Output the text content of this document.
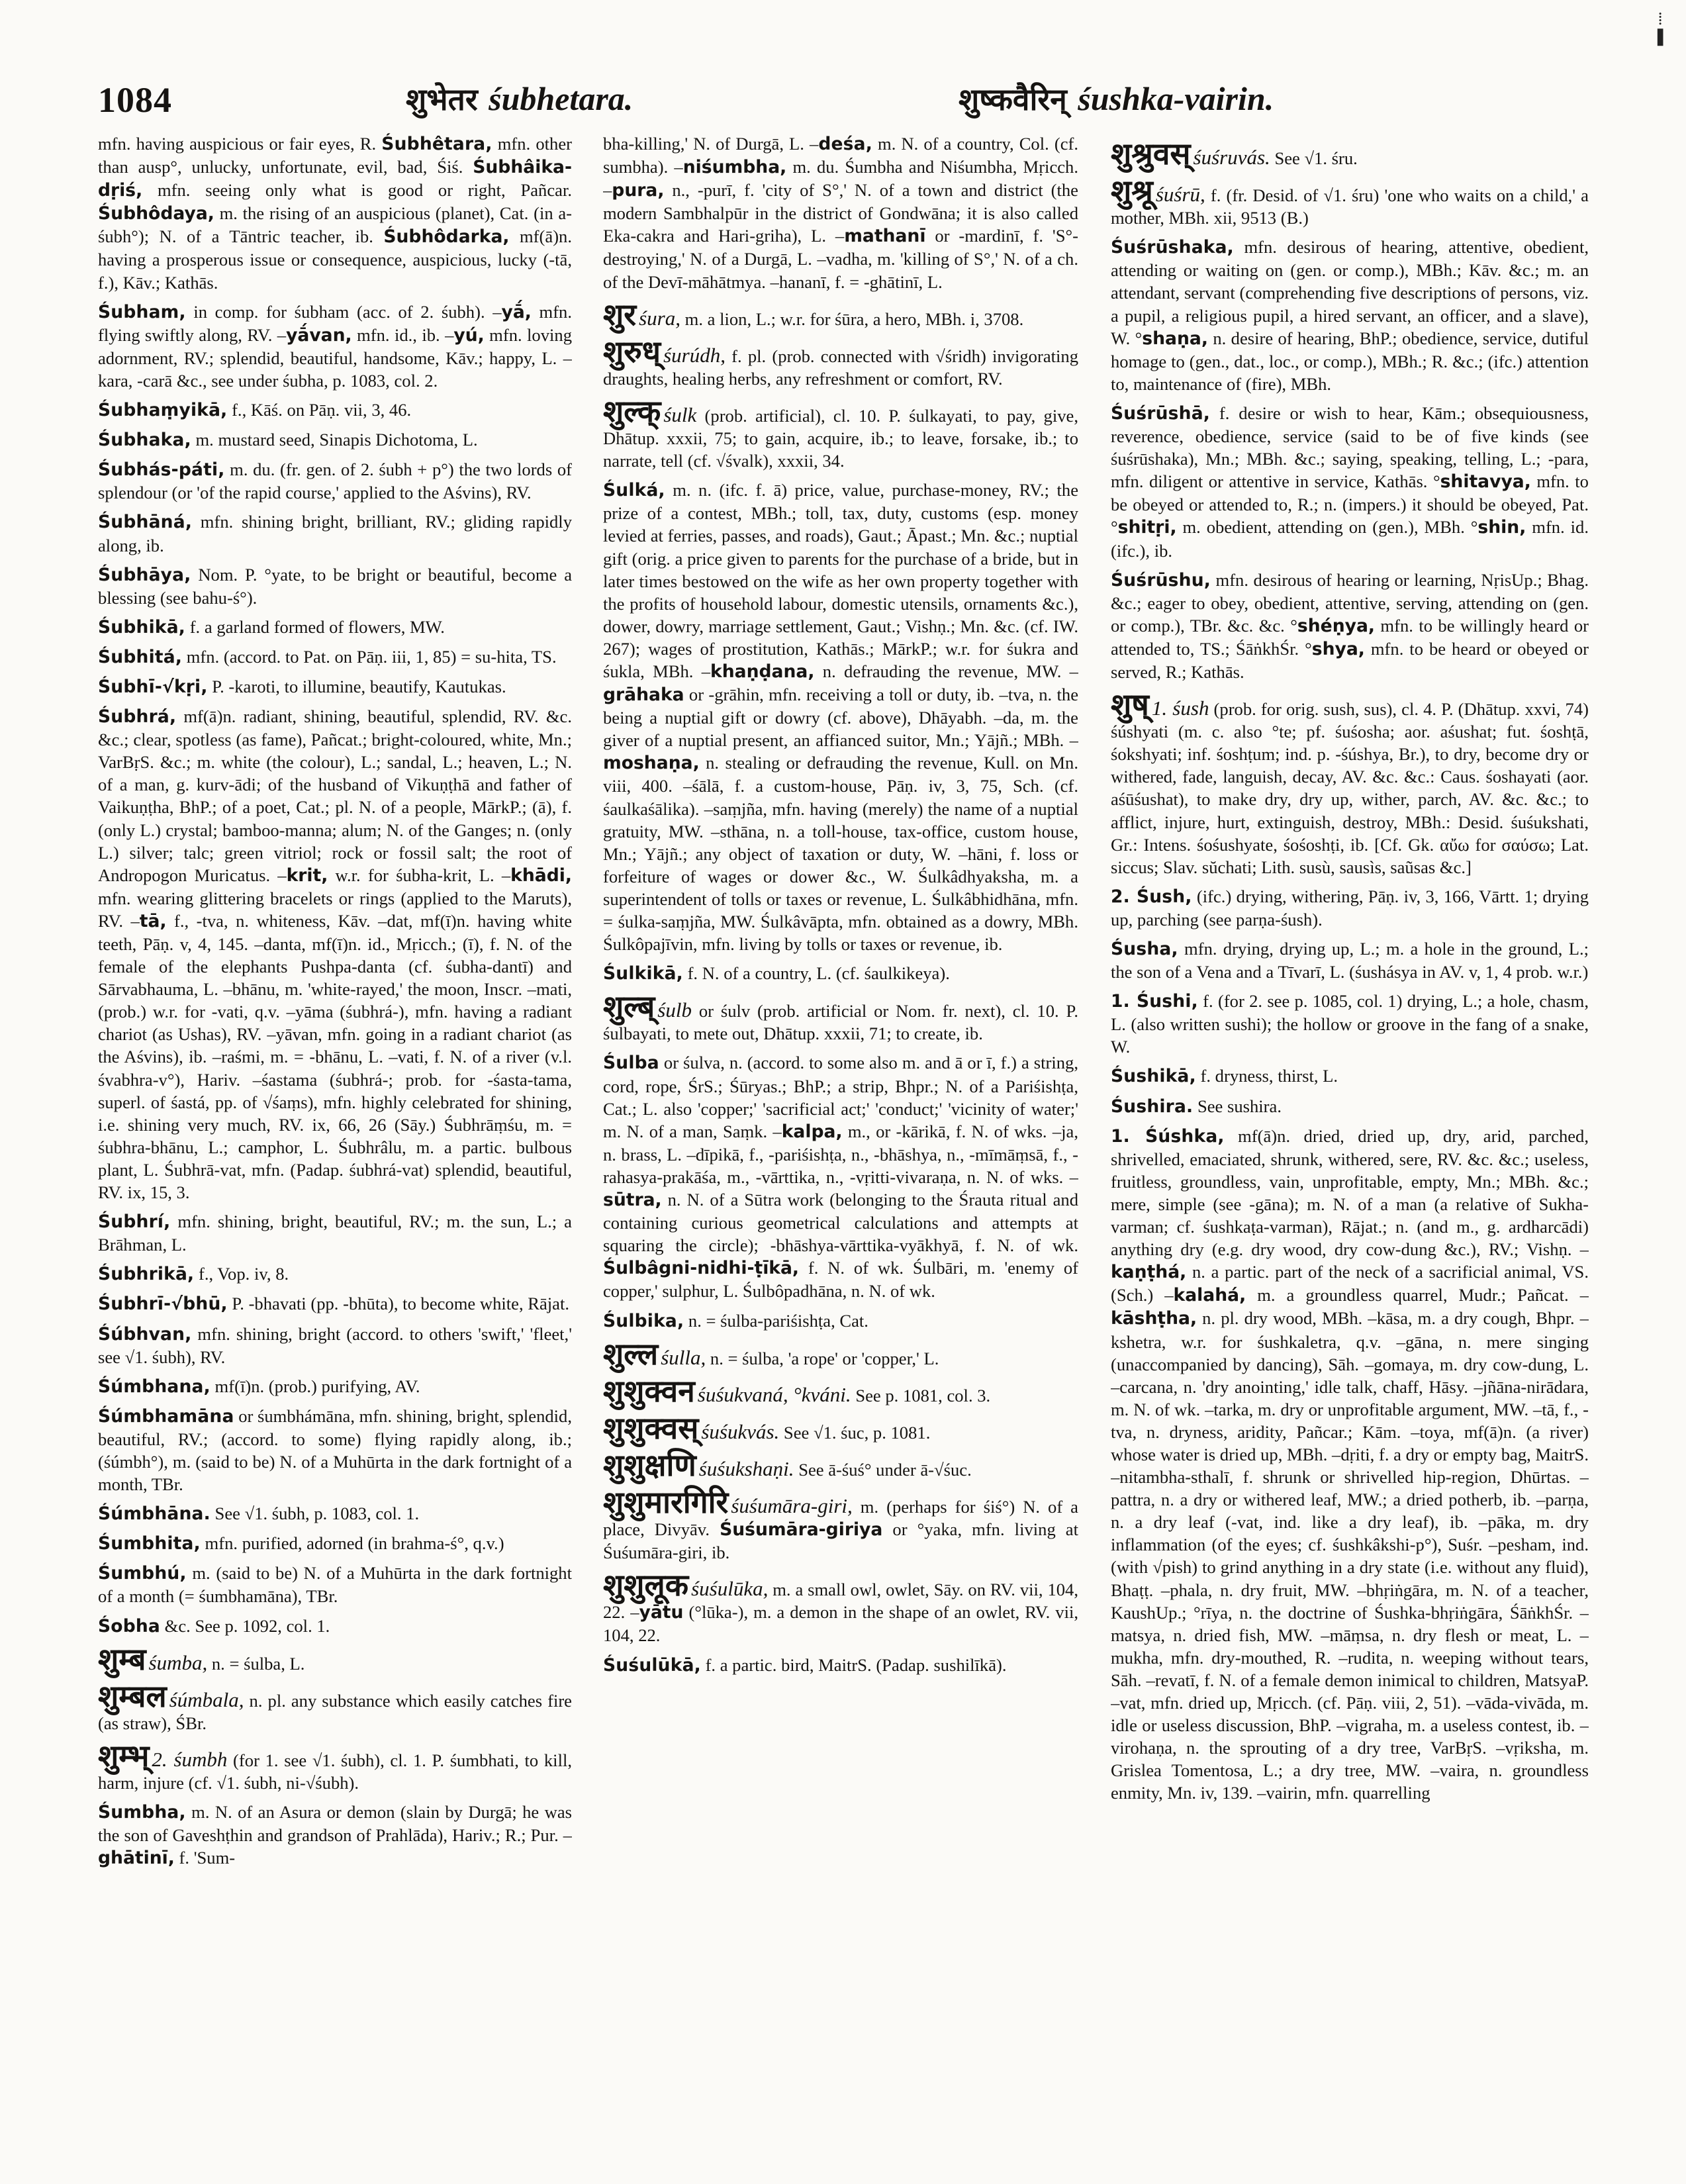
⁞
❚
1084	शुभेतर śubhetara.	शुष्कवैरिन् śushka-vairin.

mfn. having auspicious or fair eyes, R. Śubhêtara, mfn. other than ausp°, unlucky, unfortunate, evil, bad, Śiś. Śubhâika-dṛiś, mfn. seeing only what is good or right, Pañcar. Śubhôdaya, m. the rising of an auspicious (planet), Cat. (in a-śubh°); N. of a Tāntric teacher, ib. Śubhôdarka, mf(ā)n. having a prosperous issue or consequence, auspicious, lucky (-tā, f.), Kāv.; Kathās.

Śubham, in comp. for śubham (acc. of 2. śubh). –yā́, mfn. flying swiftly along, RV. –yā́van, mfn. id., ib. –yú, mfn. loving adornment, RV.; splendid, beautiful, handsome, Kāv.; happy, L. –kara, -carā &c., see under śubha, p. 1083, col. 2.

Śubhaṃyikā, f., Kāś. on Pāṇ. vii, 3, 46.

Śubhaka, m. mustard seed, Sinapis Dichotoma, L.

Śubhás-páti, m. du. (fr. gen. of 2. śubh + p°) the two lords of splendour (or 'of the rapid course,' applied to the Aśvins), RV.

Śubhāná, mfn. shining bright, brilliant, RV.; gliding rapidly along, ib.

Śubhāya, Nom. P. °yate, to be bright or beautiful, become a blessing (see bahu-ś°).

Śubhikā, f. a garland formed of flowers, MW.

Śubhitá, mfn. (accord. to Pat. on Pāṇ. iii, 1, 85) = su-hita, TS.

Śubhī-√kṛi, P. -karoti, to illumine, beautify, Kautukas.

Śubhrá, mf(ā)n. radiant, shining, beautiful, splendid, RV. &c. &c.; clear, spotless (as fame), Pañcat.; bright-coloured, white, Mn.; VarBṛS. &c.; m. white (the colour), L.; sandal, L.; heaven, L.; N. of a man, g. kurv-ādi; of the husband of Vikuṇṭhā and father of Vaikuṇṭha, BhP.; of a poet, Cat.; pl. N. of a people, MārkP.; (ā), f. (only L.) crystal; bamboo-manna; alum; N. of the Ganges; n. (only L.) silver; talc; green vitriol; rock or fossil salt; the root of Andropogon Muricatus. –krit, w.r. for śubha-krit, L. –khādi, mfn. wearing glittering bracelets or rings (applied to the Maruts), RV. –tā, f., -tva, n. whiteness, Kāv. –dat, mf(ī)n. having white teeth, Pāṇ. v, 4, 145. –danta, mf(ī)n. id., Mṛicch.; (ī), f. N. of the female of the elephants Pushpa-danta (cf. śubha-dantī) and Sārvabhauma, L. –bhānu, m. 'white-rayed,' the moon, Inscr. –mati, (prob.) w.r. for -vati, q.v. –yāma (śubhrá-), mfn. having a radiant chariot (as Ushas), RV. –yāvan, mfn. going in a radiant chariot (as the Aśvins), ib. –raśmi, m. = -bhānu, L. –vati, f. N. of a river (v.l. śvabhra-v°), Hariv. –śastama (śubhrá-; prob. for -śasta-tama, superl. of śastá, pp. of √śaṃs), mfn. highly celebrated for shining, i.e. shining very much, RV. ix, 66, 26 (Sāy.) Śubhrāṃśu, m. = śubhra-bhānu, L.; camphor, L. Śubhrâlu, m. a partic. bulbous plant, L. Śubhrā-vat, mfn. (Padap. śubhrá-vat) splendid, beautiful, RV. ix, 15, 3.

Śubhrí, mfn. shining, bright, beautiful, RV.; m. the sun, L.; a Brāhman, L.

Śubhrikā, f., Vop. iv, 8.

Śubhrī-√bhū, P. -bhavati (pp. -bhūta), to become white, Rājat.

Śúbhvan, mfn. shining, bright (accord. to others 'swift,' 'fleet,' see √1. śubh), RV.

Śúmbhana, mf(ī)n. (prob.) purifying, AV.

Śúmbhamāna or śumbhámāna, mfn. shining, bright, splendid, beautiful, RV.; (accord. to some) flying rapidly along, ib.; (śúmbh°), m. (said to be) N. of a Muhūrta in the dark fortnight of a month, TBr.

Śúmbhāna. See √1. śubh, p. 1083, col. 1.

Śumbhita, mfn. purified, adorned (in brahma-ś°, q.v.)

Śumbhú, m. (said to be) N. of a Muhūrta in the dark fortnight of a month (= śumbhamāna), TBr.

Śobha &c. See p. 1092, col. 1.

शुम्ब śumba, n. = śulba, L.

शुम्बल śúmbala, n. pl. any substance which easily catches fire (as straw), ŚBr.

शुम्भ् 2. śumbh (for 1. see √1. śubh), cl. 1. P. śumbhati, to kill, harm, injure (cf. √1. śubh, ni-√śubh).

Śumbha, m. N. of an Asura or demon (slain by Durgā; he was the son of Gaveshṭhin and grandson of Prahlāda), Hariv.; R.; Pur. –ghātinī, f. 'Sum-

bha-killing,' N. of Durgā, L. –deśa, m. N. of a country, Col. (cf. sumbha). –niśumbha, m. du. Śumbha and Niśumbha, Mṛicch. –pura, n., -purī, f. 'city of S°,' N. of a town and district (the modern Sambhalpūr in the district of Gondwāna; it is also called Eka-cakra and Hari-griha), L. –mathanī or -mardinī, f. 'S°-destroying,' N. of a Durgā, L. –vadha, m. 'killing of S°,' N. of a ch. of the Devī-māhātmya. –hananī, f. = -ghātinī, L.

शुर śura, m. a lion, L.; w.r. for śūra, a hero, MBh. i, 3708.

शुरुध् śurúdh, f. pl. (prob. connected with √śridh) invigorating draughts, healing herbs, any refreshment or comfort, RV.

शुल्क् śulk (prob. artificial), cl. 10. P. śulkayati, to pay, give, Dhātup. xxxii, 75; to gain, acquire, ib.; to leave, forsake, ib.; to narrate, tell (cf. √śvalk), xxxii, 34.

Śulká, m. n. (ifc. f. ā) price, value, purchase-money, RV.; the prize of a contest, MBh.; toll, tax, duty, customs (esp. money levied at ferries, passes, and roads), Gaut.; Āpast.; Mn. &c.; nuptial gift (orig. a price given to parents for the purchase of a bride, but in later times bestowed on the wife as her own property together with the profits of household labour, domestic utensils, ornaments &c.), dower, dowry, marriage settlement, Gaut.; Vishṇ.; Mn. &c. (cf. IW. 267); wages of prostitution, Kathās.; MārkP.; w.r. for śukra and śukla, MBh. –khaṇḍana, n. defrauding the revenue, MW. –grāhaka or -grāhin, mfn. receiving a toll or duty, ib. –tva, n. the being a nuptial gift or dowry (cf. above), Dhāyabh. –da, m. the giver of a nuptial present, an affianced suitor, Mn.; Yājñ.; MBh. –moshaṇa, n. stealing or defrauding the revenue, Kull. on Mn. viii, 400. –śālā, f. a custom-house, Pāṇ. iv, 3, 75, Sch. (cf. śaulkaśālika). –saṃjña, mfn. having (merely) the name of a nuptial gratuity, MW. –sthāna, n. a toll-house, tax-office, custom house, Mn.; Yājñ.; any object of taxation or duty, W. –hāni, f. loss or forfeiture of wages or dower &c., W. Śulkâdhyaksha, m. a superintendent of tolls or taxes or revenue, L. Śulkâbhidhāna, mfn. = śulka-saṃjña, MW. Śulkâvāpta, mfn. obtained as a dowry, MBh. Śulkôpajīvin, mfn. living by tolls or taxes or revenue, ib.

Śulkikā, f. N. of a country, L. (cf. śaulkikeya).

शुल्ब् śulb or śulv (prob. artificial or Nom. fr. next), cl. 10. P. śulbayati, to mete out, Dhātup. xxxii, 71; to create, ib.

Śulba or śulva, n. (accord. to some also m. and ā or ī, f.) a string, cord, rope, ŚrS.; Śūryas.; BhP.; a strip, Bhpr.; N. of a Pariśishṭa, Cat.; L. also 'copper;' 'sacrificial act;' 'conduct;' 'vicinity of water;' m. N. of a man, Saṃk. –kalpa, m., or -kārikā, f. N. of wks. –ja, n. brass, L. –dīpikā, f., -pariśishṭa, n., -bhāshya, n., -mīmāṃsā, f., -rahasya-prakāśa, m., -vārttika, n., -vṛitti-vivaraṇa, n. N. of wks. –sūtra, n. N. of a Sūtra work (belonging to the Śrauta ritual and containing curious geometrical calculations and attempts at squaring the circle); -bhāshya-vārttika-vyākhyā, f. N. of wk. Śulbâgni-nidhi-ṭīkā, f. N. of wk. Śulbāri, m. 'enemy of copper,' sulphur, L. Śulbôpadhāna, n. N. of wk.

Śulbika, n. = śulba-pariśishṭa, Cat.

शुल्ल śulla, n. = śulba, 'a rope' or 'copper,' L.

शुशुक्वन śuśukvaná, °kváni. See p. 1081, col. 3.

शुशुक्वस् śuśukvás. See √1. śuc, p. 1081.

शुशुक्षणि śuśukshaṇi. See ā-śuś° under ā-√śuc.

शुशुमारगिरि śuśumāra-giri, m. (perhaps for śiś°) N. of a place, Divyāv. Śuśumāra-giriya or °yaka, mfn. living at Śuśumāra-giri, ib.

शुशुलूक śuśulūka, m. a small owl, owlet, Sāy. on RV. vii, 104, 22. –yātu (°lūka-), m. a demon in the shape of an owlet, RV. vii, 104, 22.

Śuśulūkā, f. a partic. bird, MaitrS. (Padap. sushilīkā).

शुश्रुवस् śuśruvás. See √1. śru.

शुश्रू śuśrū, f. (fr. Desid. of √1. śru) 'one who waits on a child,' a mother, MBh. xii, 9513 (B.)

Śuśrūshaka, mfn. desirous of hearing, attentive, obedient, attending or waiting on (gen. or comp.), MBh.; Kāv. &c.; m. an attendant, servant (comprehending five descriptions of persons, viz. a pupil, a religious pupil, a hired servant, an officer, and a slave), W. °shaṇa, n. desire of hearing, BhP.; obedience, service, dutiful homage to (gen., dat., loc., or comp.), MBh.; R. &c.; (ifc.) attention to, maintenance of (fire), MBh.

Śuśrūshā, f. desire or wish to hear, Kām.; obsequiousness, reverence, obedience, service (said to be of five kinds (see śuśrūshaka), Mn.; MBh. &c.; saying, speaking, telling, L.; -para, mfn. diligent or attentive in service, Kathās. °shitavya, mfn. to be obeyed or attended to, R.; n. (impers.) it should be obeyed, Pat. °shitṛi, m. obedient, attending on (gen.), MBh. °shin, mfn. id. (ifc.), ib.

Śuśrūshu, mfn. desirous of hearing or learning, NṛisUp.; Bhag. &c.; eager to obey, obedient, attentive, serving, attending on (gen. or comp.), TBr. &c. &c. °shéṇya, mfn. to be willingly heard or attended to, TS.; ŚāṅkhŚr. °shya, mfn. to be heard or obeyed or served, R.; Kathās.

शुष् 1. śush (prob. for orig. sush, sus), cl. 4. P. (Dhātup. xxvi, 74) śúshyati (m. c. also °te; pf. śuśosha; aor. aśushat; fut. śoshṭā, śokshyati; inf. śoshṭum; ind. p. -śúshya, Br.), to dry, become dry or withered, fade, languish, decay, AV. &c. &c.: Caus. śoshayati (aor. aśūśushat), to make dry, dry up, wither, parch, AV. &c. &c.; to afflict, injure, hurt, extinguish, destroy, MBh.: Desid. śuśukshati, Gr.: Intens. śośushyate, śośoshṭi, ib. [Cf. Gk. αὔω for σαύσω; Lat. siccus; Slav. sŭchati; Lith. susù, sausìs, saũsas &c.]

2. Śush, (ifc.) drying, withering, Pāṇ. iv, 3, 166, Vārtt. 1; drying up, parching (see parṇa-śush).

Śusha, mfn. drying, drying up, L.; m. a hole in the ground, L.; the son of a Vena and a Tīvarī, L. (śushásya in AV. v, 1, 4 prob. w.r.)

1. Śushi, f. (for 2. see p. 1085, col. 1) drying, L.; a hole, chasm, L. (also written sushi); the hollow or groove in the fang of a snake, W.

Śushikā, f. dryness, thirst, L.

Śushira. See sushira.

1. Śúshka, mf(ā)n. dried, dried up, dry, arid, parched, shrivelled, emaciated, shrunk, withered, sere, RV. &c. &c.; useless, fruitless, groundless, vain, unprofitable, empty, Mn.; MBh. &c.; mere, simple (see -gāna); m. N. of a man (a relative of Sukha-varman; cf. śushkaṭa-varman), Rājat.; n. (and m., g. ardharcādi) anything dry (e.g. dry wood, dry cow-dung &c.), RV.; Vishṇ. –kaṇṭhá, n. a partic. part of the neck of a sacrificial animal, VS. (Sch.) –kalahá, m. a groundless quarrel, Mudr.; Pañcat. –kāshṭha, n. pl. dry wood, MBh. –kāsa, m. a dry cough, Bhpr. –kshetra, w.r. for śushkaletra, q.v. –gāna, n. mere singing (unaccompanied by dancing), Sāh. –gomaya, m. dry cow-dung, L. –carcana, n. 'dry anointing,' idle talk, chaff, Hāsy. –jñāna-nirādara, m. N. of wk. –tarka, m. dry or unprofitable argument, MW. –tā, f., -tva, n. dryness, aridity, Pañcar.; Kām. –toya, mf(ā)n. (a river) whose water is dried up, MBh. –dṛiti, f. a dry or empty bag, MaitrS. –nitambha-sthalī, f. shrunk or shrivelled hip-region, Dhūrtas. –pattra, n. a dry or withered leaf, MW.; a dried potherb, ib. –parṇa, n. a dry leaf (-vat, ind. like a dry leaf), ib. –pāka, m. dry inflammation (of the eyes; cf. śushkâkshi-p°), Suśr. –pesham, ind. (with √pish) to grind anything in a dry state (i.e. without any fluid), Bhaṭṭ. –phala, n. dry fruit, MW. –bhṛiṅgāra, m. N. of a teacher, KaushUp.; °rīya, n. the doctrine of Śushka-bhṛiṅgāra, ŚāṅkhŚr. –matsya, n. dried fish, MW. –māṃsa, n. dry flesh or meat, L. –mukha, mfn. dry-mouthed, R. –rudita, n. weeping without tears, Sāh. –revatī, f. N. of a female demon inimical to children, MatsyaP. –vat, mfn. dried up, Mṛicch. (cf. Pāṇ. viii, 2, 51). –vāda-vivāda, m. idle or useless discussion, BhP. –vigraha, m. a useless contest, ib. –virohaṇa, n. the sprouting of a dry tree, VarBṛS. –vṛiksha, m. Grislea Tomentosa, L.; a dry tree, MW. –vaira, n. groundless enmity, Mn. iv, 139. –vairin, mfn. quarrelling
